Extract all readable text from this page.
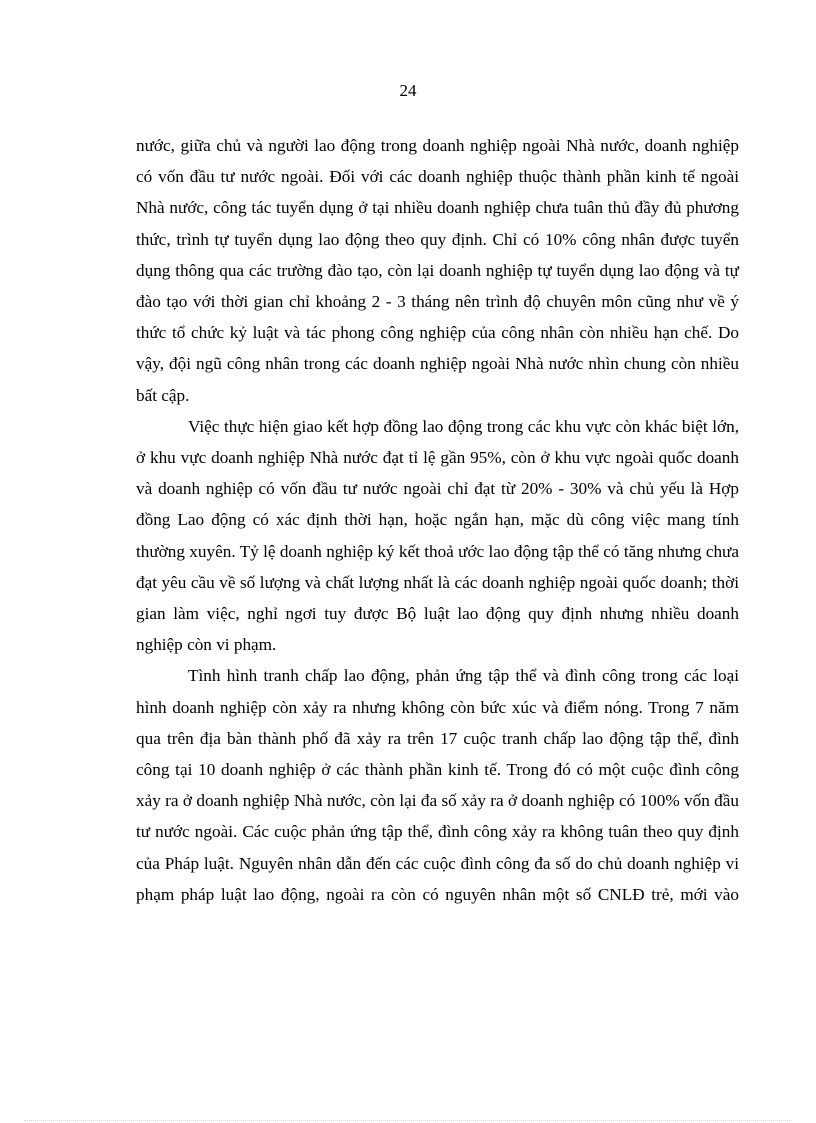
24

nước, giữa chủ và người lao động trong doanh nghiệp ngoài Nhà nước, doanh nghiệp có vốn đầu tư nước ngoài. Đối với các doanh nghiệp thuộc thành phần kinh tế ngoài Nhà nước, công tác tuyển dụng ở tại nhiều doanh nghiệp chưa tuân thủ đầy đủ phương thức, trình tự tuyển dụng lao động theo quy định. Chỉ có 10% công nhân được tuyển dụng thông qua các trường đào tạo, còn lại doanh nghiệp tự tuyển dụng lao động và tự đào tạo với thời gian chỉ khoảng 2 - 3 tháng nên trình độ chuyên môn cũng như về ý thức tổ chức kỷ luật và tác phong công nghiệp của công nhân còn nhiều hạn chế. Do vậy, đội ngũ công nhân trong các doanh nghiệp ngoài Nhà nước nhìn chung còn nhiều bất cập.

Việc thực hiện giao kết hợp đồng lao động trong các khu vực còn khác biệt lớn, ở khu vực doanh nghiệp Nhà nước đạt tỉ lệ gần 95%, còn ở khu vực ngoài quốc doanh và doanh nghiệp có vốn đầu tư nước ngoài chỉ đạt từ 20% - 30% và chủ yếu là Hợp đồng Lao động có xác định thời hạn, hoặc ngắn hạn, mặc dù công việc mang tính thường xuyên. Tỷ lệ doanh nghiệp ký kết thoả ước lao động tập thể có tăng nhưng chưa đạt yêu cầu về số lượng và chất lượng nhất là các doanh nghiệp ngoài quốc doanh; thời gian làm việc, nghỉ ngơi tuy được Bộ luật lao động quy định nhưng nhiều doanh nghiệp còn vi phạm.

Tình hình tranh chấp lao động, phản ứng tập thể và đình công trong các loại hình doanh nghiệp còn xảy ra nhưng không còn bức xúc và điểm nóng. Trong 7 năm qua trên địa bàn thành phố đã xảy ra trên 17 cuộc tranh chấp lao động tập thể, đình công tại 10 doanh nghiệp ở các thành phần kinh tế. Trong đó có một cuộc đình công xảy ra ở doanh nghiệp Nhà nước, còn lại đa số xảy ra ở doanh nghiệp có 100% vốn đầu tư nước ngoài. Các cuộc phản ứng tập thể, đình công xảy ra không tuân theo quy định của Pháp luật. Nguyên nhân dẫn đến các cuộc đình công đa số do chủ doanh nghiệp vi phạm pháp luật lao động, ngoài ra còn có nguyên nhân một số CNLĐ trẻ, mới vào
